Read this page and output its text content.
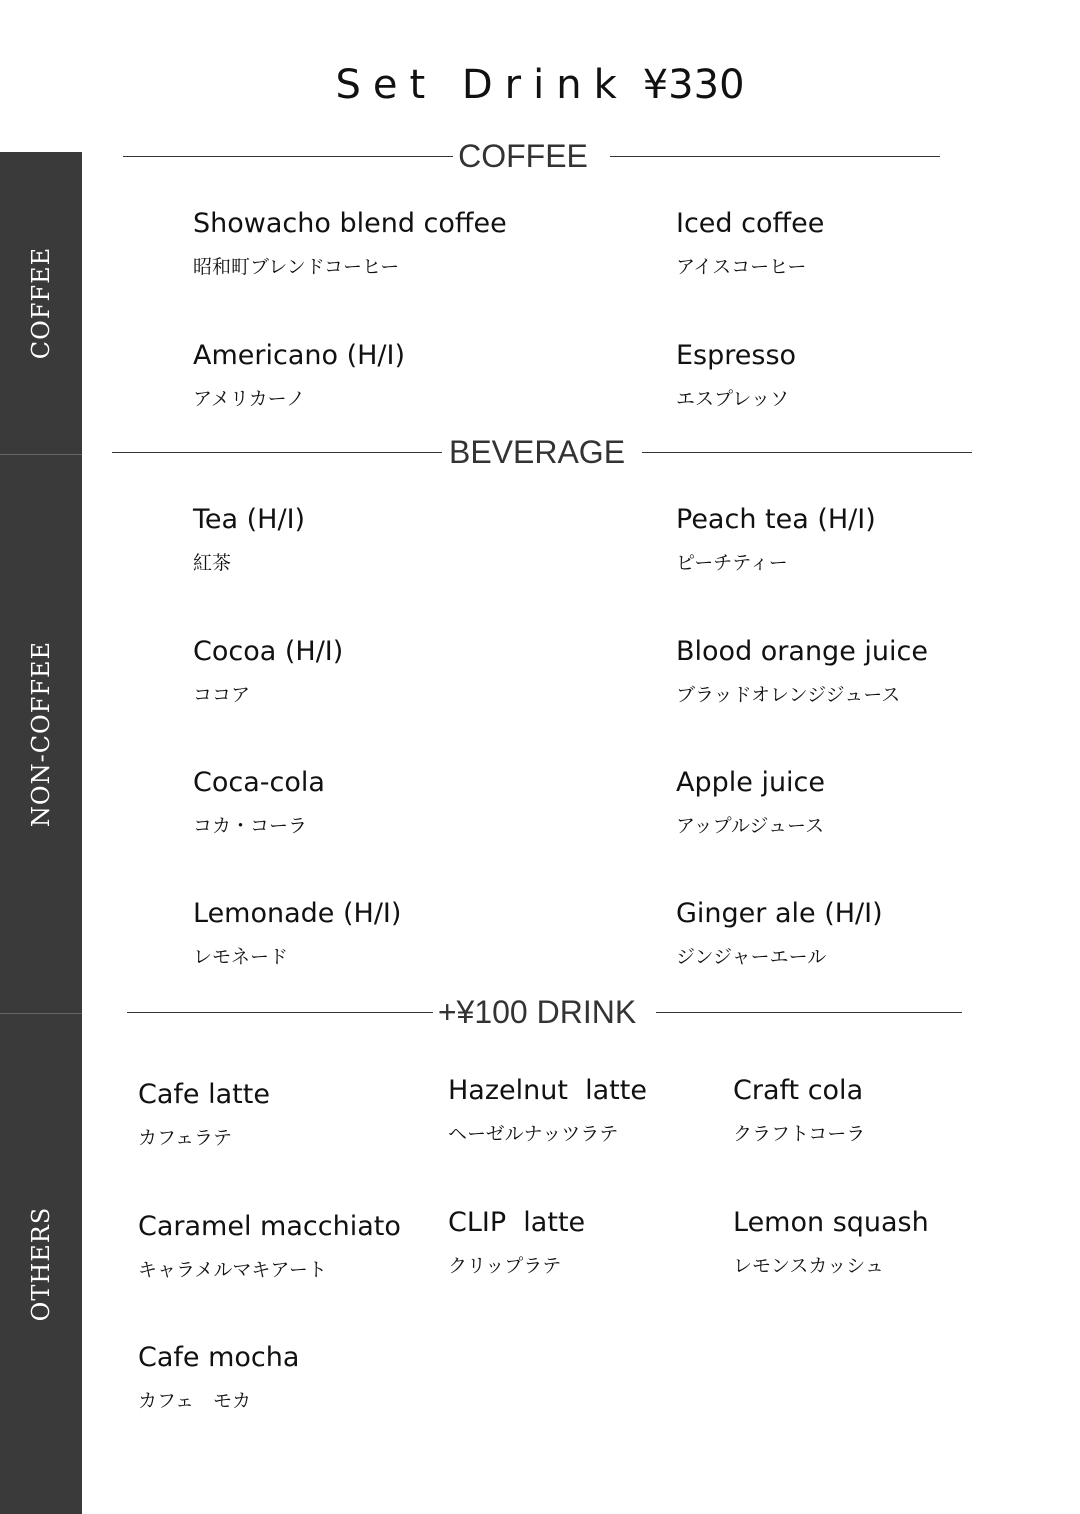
Set Drink ¥330
COFFEE
NON-COFFEE
OTHERS
COFFEE
Showacho blend coffee
昭和町ブレンドコーヒー
Iced coffee
アイスコーヒー
Americano (H/I)
アメリカーノ
Espresso
エスプレッソ
BEVERAGE
Tea (H/I)
紅茶
Peach tea (H/I)
ピーチティー
Cocoa (H/I)
ココア
Blood orange juice
ブラッドオレンジジュース
Coca-cola
コカ・コーラ
Apple juice
アップルジュース
Lemonade (H/I)
レモネード
Ginger ale (H/I)
ジンジャーエール
+¥100 DRINK
Cafe latte
カフェラテ
Hazelnut  latte
ヘーゼルナッツラテ
Craft cola
クラフトコーラ
Caramel macchiato
キャラメルマキアート
CLIP  latte
クリップラテ
Lemon squash
レモンスカッシュ
Cafe mocha
カフェ　モカ
